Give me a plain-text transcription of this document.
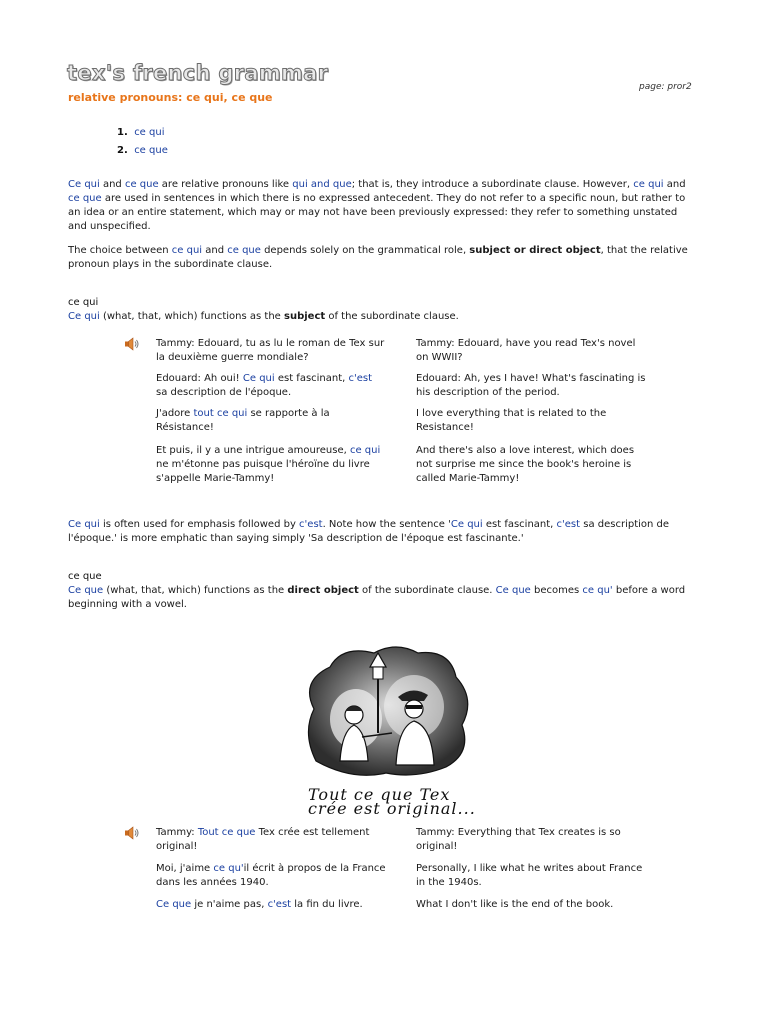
tex's french grammar
relative pronouns: ce qui, ce que
page: pror2
1. ce qui
2. ce que
Ce qui and ce que are relative pronouns like qui and que; that is, they introduce a subordinate clause. However, ce qui and ce que are used in sentences in which there is no expressed antecedent. They do not refer to a specific noun, but rather to an idea or an entire statement, which may or may not have been previously expressed: they refer to something unstated and unspecified.
The choice between ce qui and ce que depends solely on the grammatical role, subject or direct object, that the relative pronoun plays in the subordinate clause.
ce qui
Ce qui (what, that, which) functions as the subject of the subordinate clause.
Tammy: Edouard, tu as lu le roman de Tex sur la deuxième guerre mondiale?
Edouard: Ah oui! Ce qui est fascinant, c'est sa description de l'époque.
J'adore tout ce qui se rapporte à la Résistance!
Et puis, il y a une intrigue amoureuse, ce qui ne m'étonne pas puisque l'héroïne du livre s'appelle Marie-Tammy!
Tammy: Edouard, have you read Tex's novel on WWII?
Edouard: Ah, yes I have! What's fascinating is his description of the period.
I love everything that is related to the Resistance!
And there's also a love interest, which does not surprise me since the book's heroine is called Marie-Tammy!
Ce qui is often used for emphasis followed by c'est. Note how the sentence 'Ce qui est fascinant, c'est sa description de l'époque.' is more emphatic than saying simply 'Sa description de l'époque est fascinante.'
ce que
Ce que (what, that, which) functions as the direct object of the subordinate clause. Ce que becomes ce qu' before a word beginning with a vowel.
Tout ce que Tex
crée est original...
Tammy: Tout ce que Tex crée est tellement original!
Moi, j'aime ce qu'il écrit à propos de la France dans les années 1940.
Ce que je n'aime pas, c'est la fin du livre.
Tammy: Everything that Tex creates is so original!
Personally, I like what he writes about France in the 1940s.
What I don't like is the end of the book.
